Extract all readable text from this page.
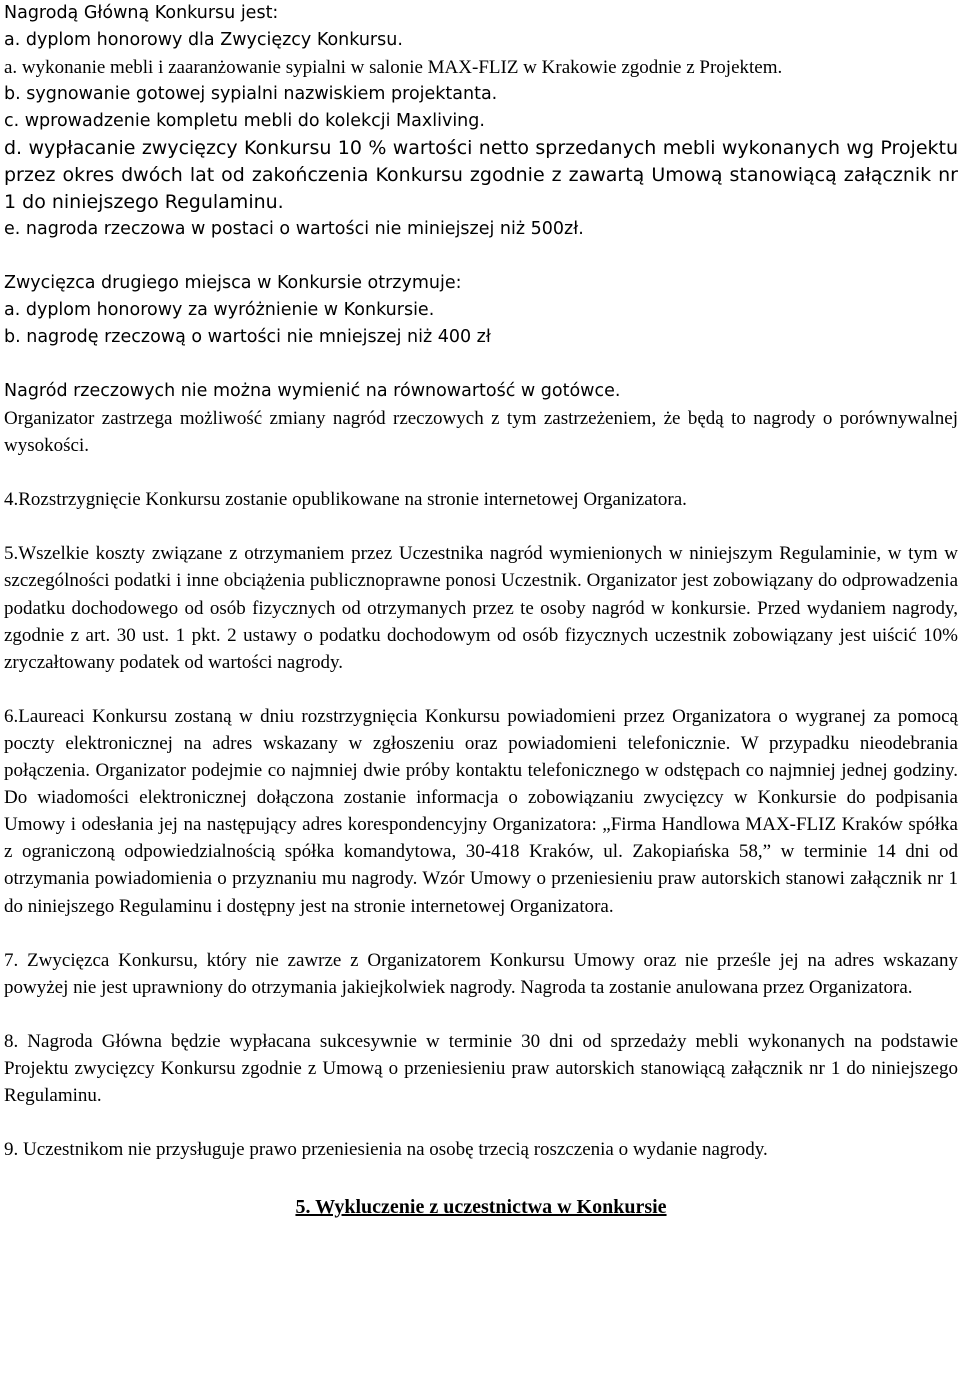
Nagrodą Główną Konkursu jest:
a. dyplom honorowy dla Zwycięzcy Konkursu.

a. wykonanie mebli i zaaranżowanie sypialni w salonie MAX-FLIZ w Krakowie zgodnie z Projektem.

b. sygnowanie gotowej sypialni nazwiskiem projektanta.
c. wprowadzenie kompletu mebli do kolekcji Maxliving.

d. wypłacanie zwycięzcy Konkursu 10 % wartości netto sprzedanych mebli wykonanych wg Projektu przez okres dwóch lat od zakończenia Konkursu zgodnie z zawartą Umową stanowiącą załącznik nr 1 do niniejszego Regulaminu.

e. nagroda rzeczowa w postaci o wartości nie miniejszej niż 500zł.
Zwycięzca drugiego miejsca w Konkursie otrzymuje:
a. dyplom honorowy za wyróżnienie w Konkursie.
b. nagrodę rzeczową o wartości nie mniejszej niż 400 zł
Nagród rzeczowych nie można wymienić na równowartość w gotówce.

Organizator zastrzega możliwość zmiany nagród rzeczowych z tym zastrzeżeniem, że będą to nagrody o porównywalnej wysokości.

4.Rozstrzygnięcie Konkursu zostanie opublikowane na stronie internetowej Organizatora.

5.Wszelkie koszty związane z otrzymaniem przez Uczestnika nagród wymienionych w niniejszym Regulaminie, w tym w szczególności podatki i inne obciążenia publicznoprawne ponosi Uczestnik. Organizator jest zobowiązany do odprowadzenia podatku dochodowego od osób fizycznych od otrzymanych przez te osoby nagród w konkursie. Przed wydaniem nagrody, zgodnie z art. 30 ust. 1 pkt. 2 ustawy o podatku dochodowym od osób fizycznych uczestnik zobowiązany jest uiścić 10% zryczałtowany podatek od wartości nagrody.

6.Laureaci Konkursu zostaną w dniu rozstrzygnięcia Konkursu powiadomieni przez Organizatora o wygranej za pomocą poczty elektronicznej na adres wskazany w zgłoszeniu oraz powiadomieni telefonicznie. W przypadku nieodebrania połączenia. Organizator podejmie co najmniej dwie próby kontaktu telefonicznego w odstępach co najmniej jednej godziny. Do wiadomości elektronicznej dołączona zostanie informacja o zobowiązaniu zwycięzcy w Konkursie do podpisania Umowy i odesłania jej na następujący adres korespondencyjny Organizatora: „Firma Handlowa MAX-FLIZ Kraków spółka z ograniczoną odpowiedzialnością spółka komandytowa, 30-418 Kraków, ul. Zakopiańska 58,” w terminie 14 dni od otrzymania powiadomienia o przyznaniu mu nagrody. Wzór Umowy o przeniesieniu praw autorskich stanowi załącznik nr 1 do niniejszego Regulaminu i dostępny jest na stronie internetowej Organizatora.

7. Zwycięzca Konkursu, który nie zawrze z Organizatorem Konkursu Umowy oraz nie prześle jej na adres wskazany powyżej nie jest uprawniony do otrzymania jakiejkolwiek nagrody. Nagroda ta zostanie anulowana przez Organizatora.

8. Nagroda Główna będzie wypłacana sukcesywnie w terminie 30 dni od sprzedaży mebli wykonanych na podstawie Projektu zwycięzcy Konkursu zgodnie z Umową o przeniesieniu praw autorskich stanowiącą załącznik nr 1 do niniejszego Regulaminu.

9. Uczestnikom nie przysługuje prawo przeniesienia na osobę trzecią roszczenia o wydanie nagrody.

5. Wykluczenie z uczestnictwa w Konkursie
